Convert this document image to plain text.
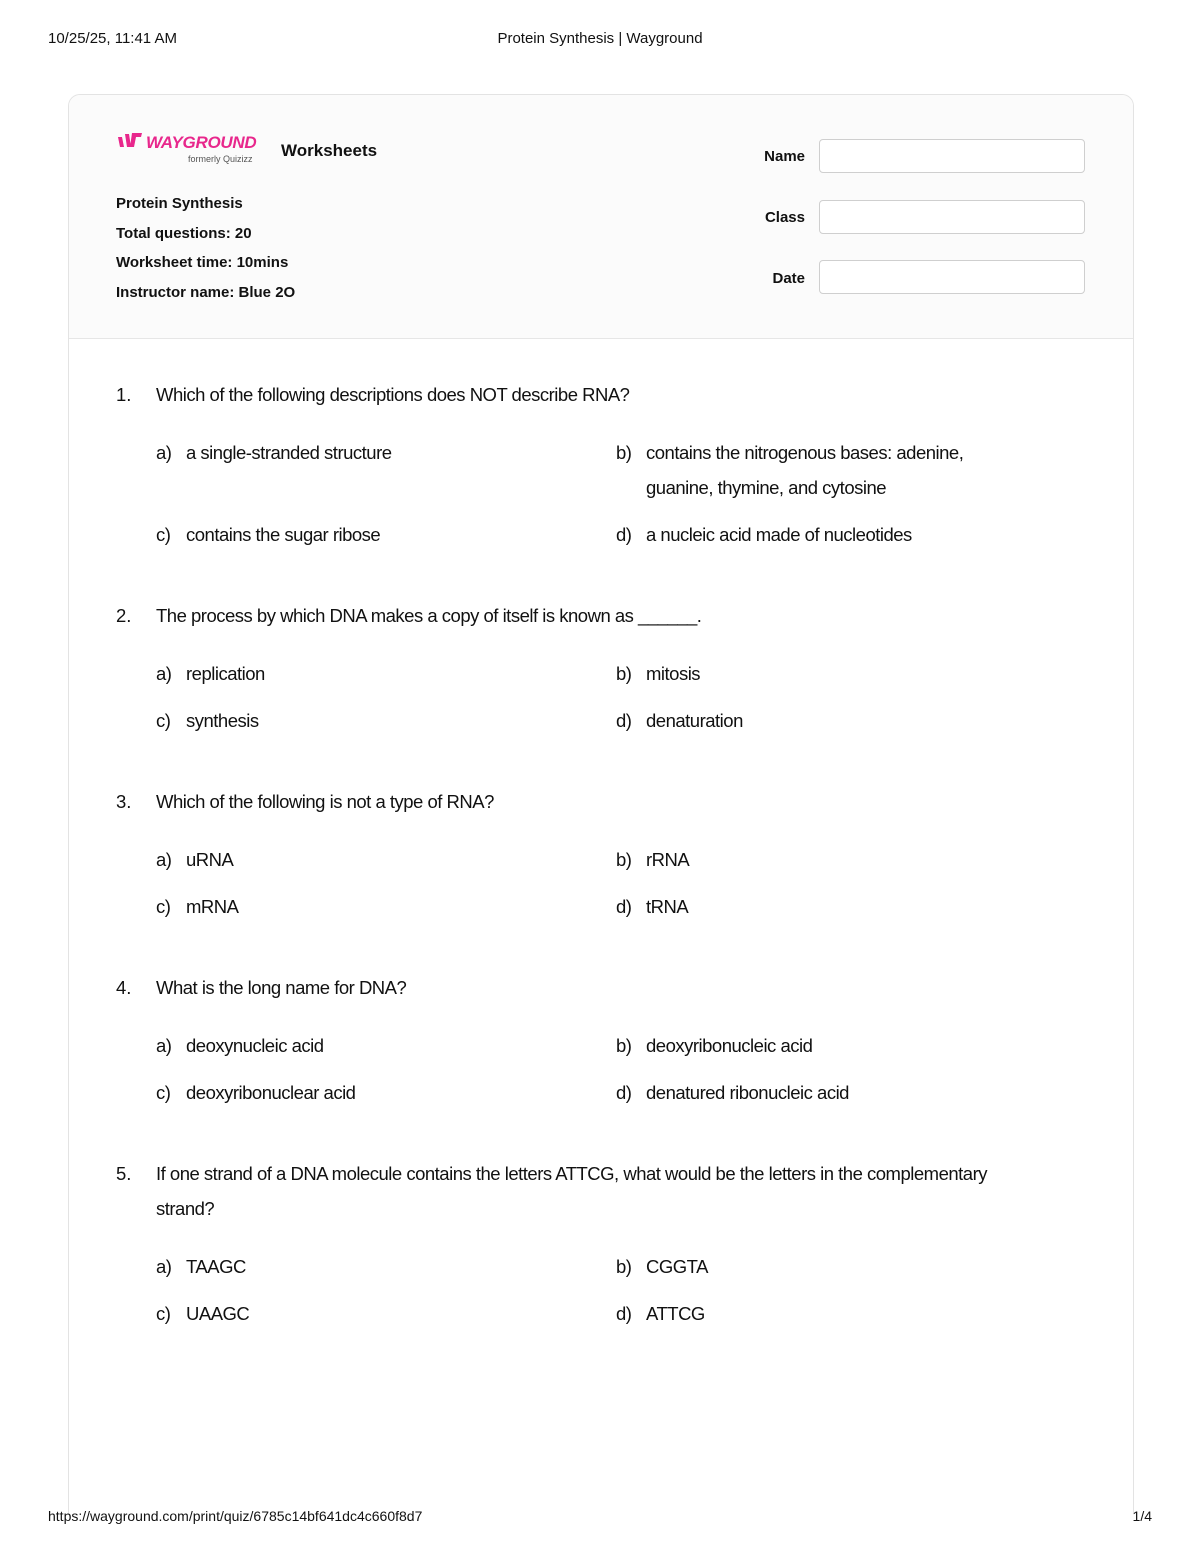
10/25/25, 11:41 AM	Protein Synthesis | Wayground
WAYGROUND
formerly Quizizz Worksheets
Protein Synthesis
Total questions: 20
Worksheet time: 10mins
Instructor name: Blue 2O
Name
Class
Date
1. Which of the following descriptions does NOT describe RNA?
a) a single-stranded structure	b) contains the nitrogenous bases: adenine, guanine, thymine, and cytosine
c) contains the sugar ribose	d) a nucleic acid made of nucleotides
2. The process by which DNA makes a copy of itself is known as ______.
a) replication	b) mitosis
c) synthesis	d) denaturation
3. Which of the following is not a type of RNA?
a) uRNA	b) rRNA
c) mRNA	d) tRNA
4. What is the long name for DNA?
a) deoxynucleic acid	b) deoxyribonucleic acid
c) deoxyribonuclear acid	d) denatured ribonucleic acid
5. If one strand of a DNA molecule contains the letters ATTCG, what would be the letters in the complementary strand?
a) TAAGC	b) CGGTA
c) UAAGC	d) ATTCG
https://wayground.com/print/quiz/6785c14bf641dc4c660f8d7	1/4
